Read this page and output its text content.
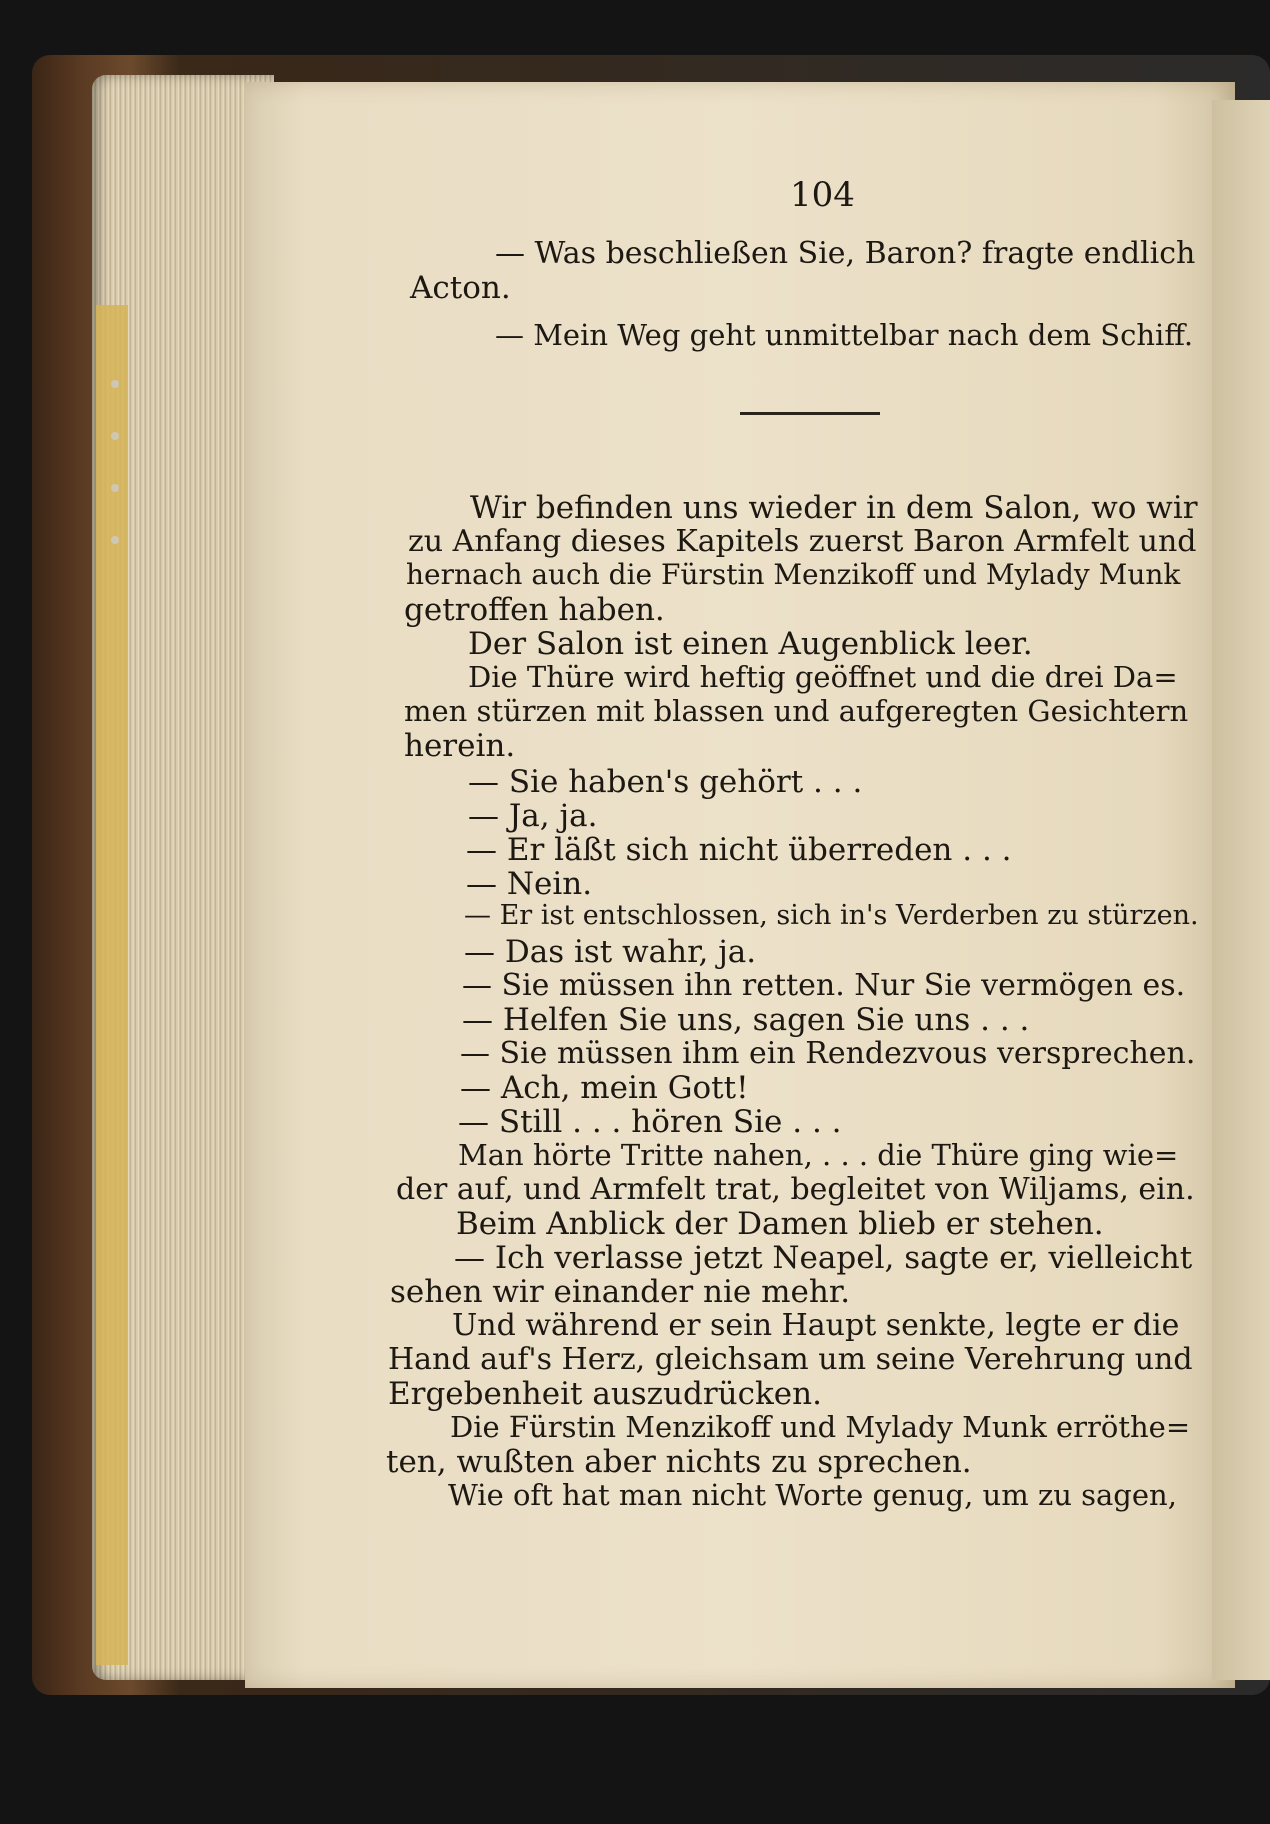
104
— Was beschließen Sie, Baron? fragte endlich
Acton.
— Mein Weg geht unmittelbar nach dem Schiff.
Wir befinden uns wieder in dem Salon, wo wir
zu Anfang dieses Kapitels zuerst Baron Armfelt und
hernach auch die Fürstin Menzikoff und Mylady Munk
getroffen haben.
Der Salon ist einen Augenblick leer.
Die Thüre wird heftig geöffnet und die drei Da=
men stürzen mit blassen und aufgeregten Gesichtern
herein.
— Sie haben's gehört . . .
— Ja, ja.
— Er läßt sich nicht überreden . . .
— Nein.
— Er ist entschlossen, sich in's Verderben zu stürzen.
— Das ist wahr, ja.
— Sie müssen ihn retten. Nur Sie vermögen es.
— Helfen Sie uns, sagen Sie uns . . .
— Sie müssen ihm ein Rendezvous versprechen.
— Ach, mein Gott!
— Still . . . hören Sie . . .
Man hörte Tritte nahen, . . . die Thüre ging wie=
der auf, und Armfelt trat, begleitet von Wiljams, ein.
Beim Anblick der Damen blieb er stehen.
— Ich verlasse jetzt Neapel, sagte er, vielleicht
sehen wir einander nie mehr.
Und während er sein Haupt senkte, legte er die
Hand auf's Herz, gleichsam um seine Verehrung und
Ergebenheit auszudrücken.
Die Fürstin Menzikoff und Mylady Munk erröthe=
ten, wußten aber nichts zu sprechen.
Wie oft hat man nicht Worte genug, um zu sagen,
